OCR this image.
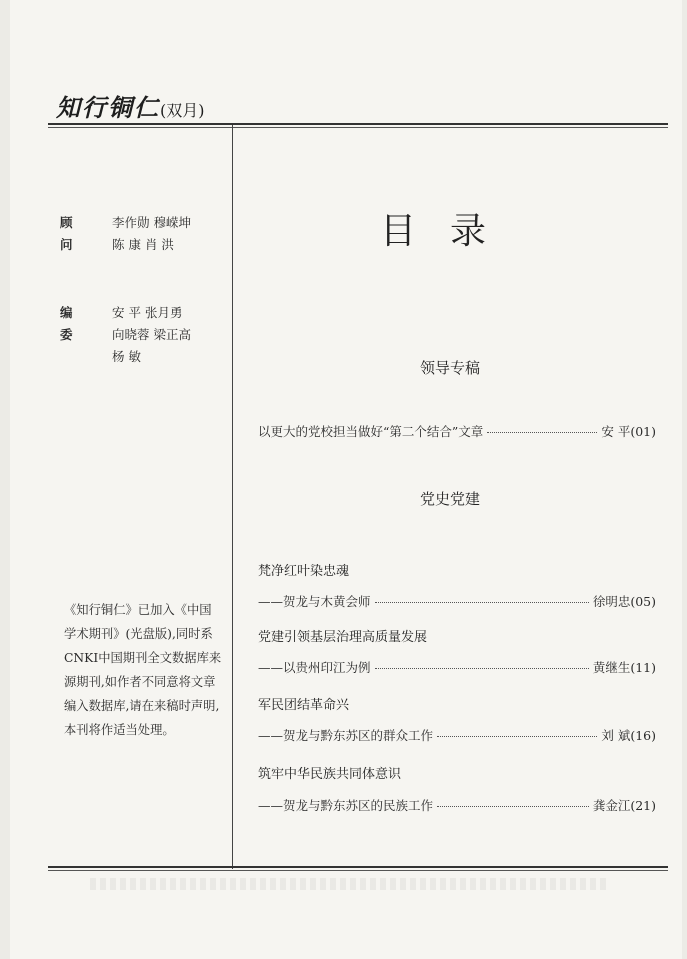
知行铜仁(双月)
顾问
李作勋 穆嵘坤
陈 康 肖 洪
编委
安 平 张月勇
向晓蓉 梁正高
杨 敏
《知行铜仁》已加入《中国学术期刊》(光盘版),同时系CNKI中国期刊全文数据库来源期刊,如作者不同意将文章编入数据库,请在来稿时声明,本刊将作适当处理。
目录
领导专稿
以更大的党校担当做好“第二个结合”文章	安 平(01)
党史党建
梵净红叶染忠魂
——贺龙与木黄会师	徐明忠(05)
党建引领基层治理高质量发展
——以贵州印江为例	黄继生(11)
军民团结革命兴
——贺龙与黔东苏区的群众工作	刘 斌(16)
筑牢中华民族共同体意识
——贺龙与黔东苏区的民族工作	龚金江(21)
